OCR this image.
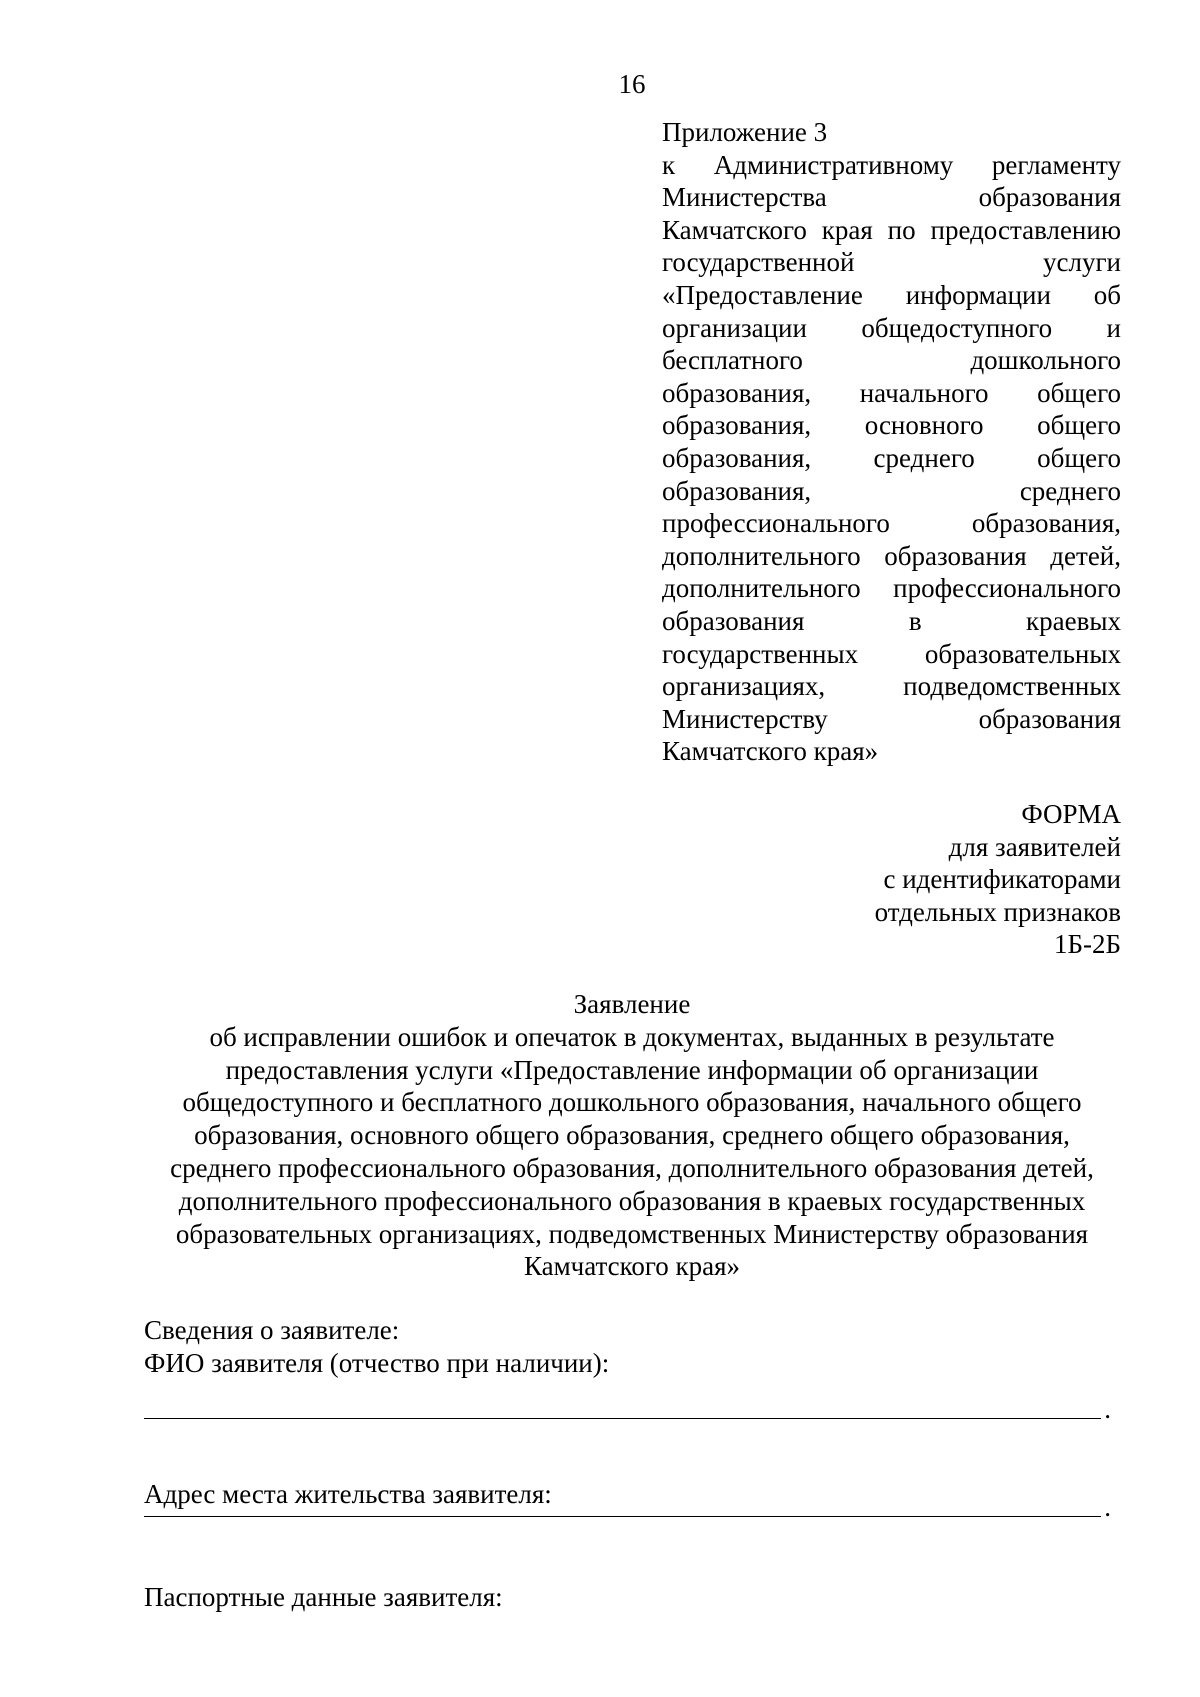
16
Приложение 3
к Административному регламенту
Министерства образования
Камчатского края по предоставлению
государственной услуги
«Предоставление информации об
организации общедоступного и
бесплатного дошкольного
образования, начального общего
образования, основного общего
образования, среднего общего
образования, среднего
профессионального образования,
дополнительного образования детей,
дополнительного профессионального
образования в краевых
государственных образовательных
организациях, подведомственных
Министерству образования
Камчатского края»
ФОРМА
для заявителей
с идентификаторами
отдельных признаков
1Б-2Б
Заявление
об исправлении ошибок и опечаток в документах, выданных в результате
предоставления услуги «Предоставление информации об организации
общедоступного и бесплатного дошкольного образования, начального общего
образования, основного общего образования, среднего общего образования,
среднего профессионального образования, дополнительного образования детей,
дополнительного профессионального образования в краевых государственных
образовательных организациях, подведомственных Министерству образования
Камчатского края»
Сведения о заявителе:
ФИО заявителя (отчество при наличии):
.
Адрес места жительства заявителя:	.
Паспортные данные заявителя:
